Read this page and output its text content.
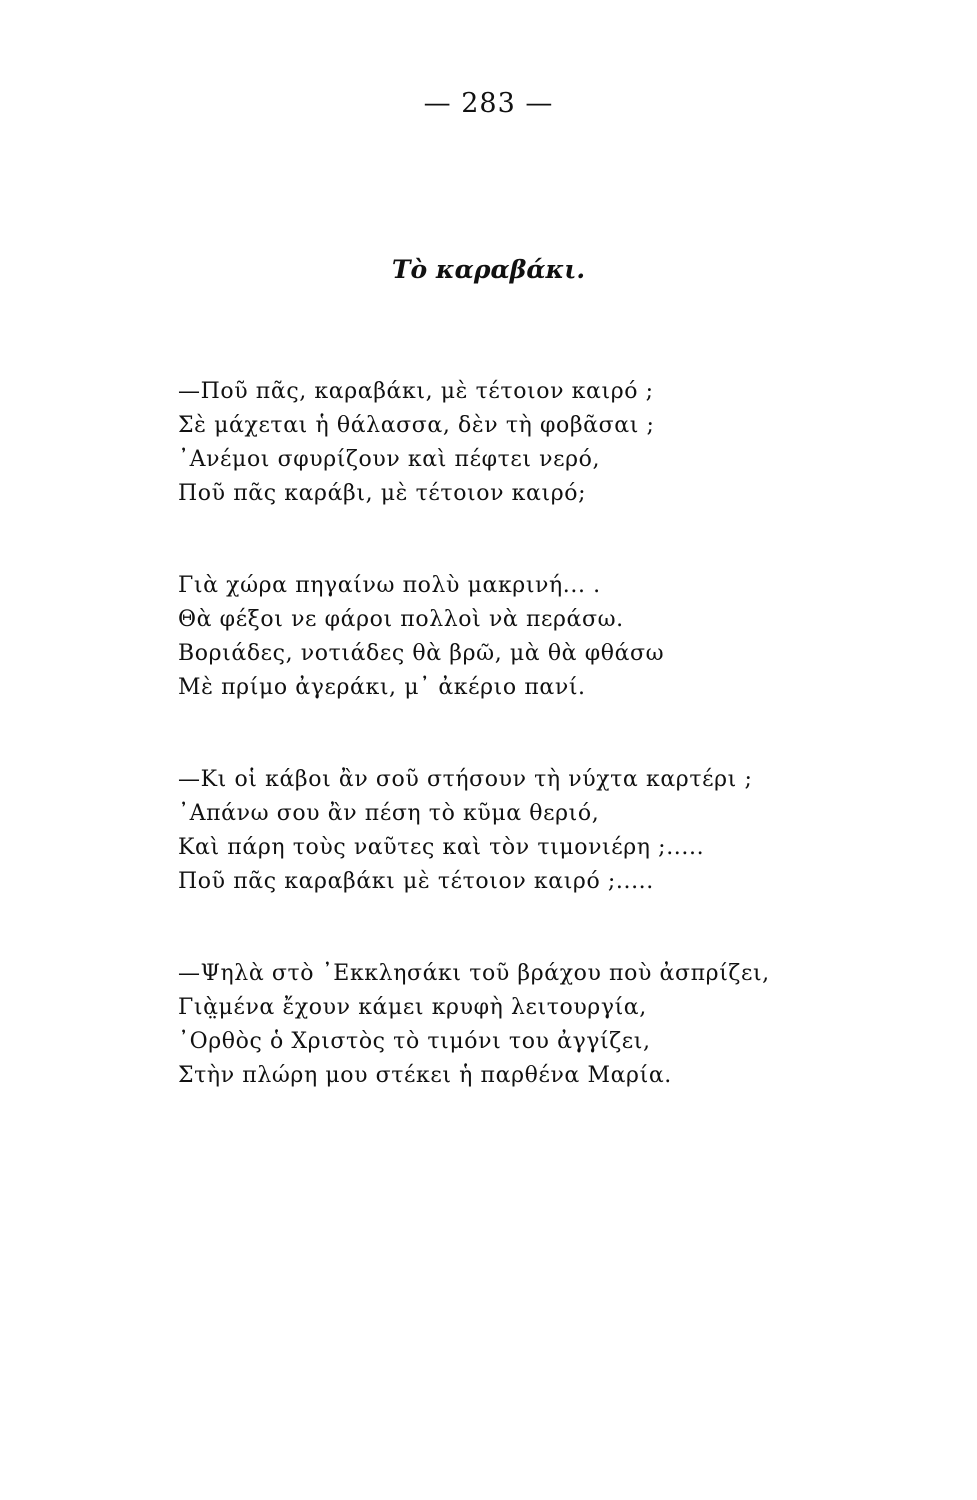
— 283 —
Τὸ καραβάκι.
—Ποῦ πᾶς, καραβάκι, μὲ τέτοιον καιρό ;
Σὲ μάχεται ἡ θάλασσα, δὲν τὴ φοβᾶσαι ;
᾿Ανέμοι σφυρίζουν καὶ πέφτει νερό,
Ποῦ πᾶς καράβι, μὲ τέτοιον καιρό;
Γιὰ χώρα πηγαίνω πολὺ μακρινή... .
Θὰ φέξοι νε φάροι πολλοὶ νὰ περάσω.
Βοριάδες, νοτιάδες θὰ βρῶ, μὰ θὰ φθάσω
Μὲ πρίμο ἀγεράκι, μ᾿ ἀκέριο πανί.
—Κι οἱ κάβοι ἂν σοῦ στήσουν τὴ νύχτα καρτέρι ;
᾿Απάνω σου ἂν πέση τὸ κῦμα θεριό,
Καὶ πάρη τοὺς ναῦτες καὶ τὸν τιμονιέρη ;.....
Ποῦ πᾶς καραβάκι μὲ τέτοιον καιρό ;.....
—Ψηλὰ στὸ ᾿Εκκλησάκι τοῦ βράχου ποὺ ἀσπρίζει,
Γιὰ̤μένα ἔχουν κάμει κρυφὴ λειτουργία,
᾿Ορθὸς ὁ Χριστὸς τὸ τιμόνι του ἀγγίζει,
Στὴν πλώρη μου στέκει ἡ παρθένα Μαρία.
